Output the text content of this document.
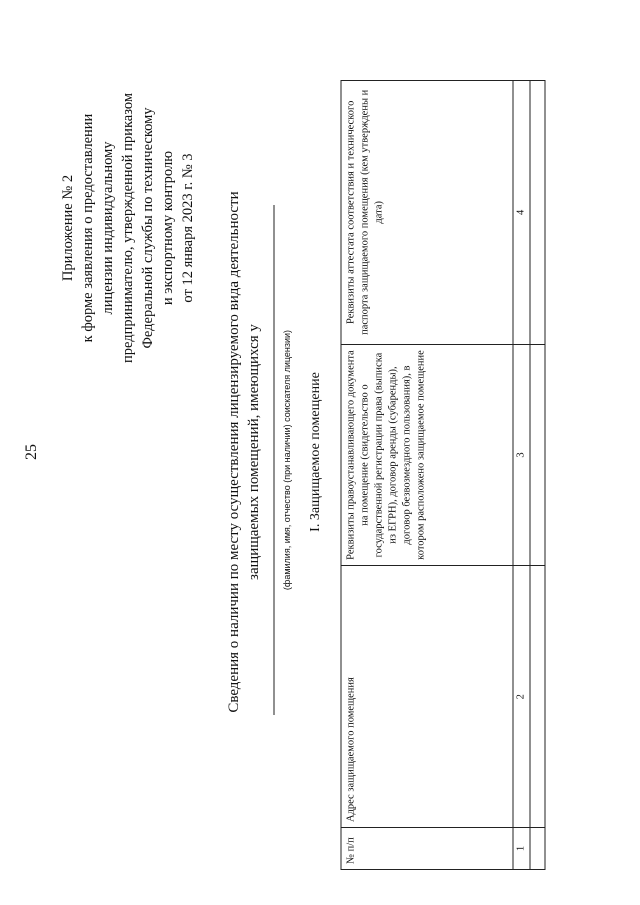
25
Приложение № 2 к форме заявления о предоставлении лицензии индивидуальному предпринимателю, утвержденной приказом Федеральной службы по техническому и экспортному контролю от 12 января 2023 г. № 3 Сведения о наличии по месту осуществления лицензируемого вида деятельности защищаемых помещений, имеющихся у (фамилия, имя, отчество (при наличии) соискателя лицензии) I. Защищаемое помещение
№ п/п	Адрес защищаемого помещения	Реквизиты правоустанавливающего документа на помещение (свидетельство о государственной регистрации права (выписка из ЕГРН), договор аренды (субаренды), договор безвозмездного пользования), в котором расположено защищаемое помещение	Реквизиты аттестата соответствия и технического паспорта защищаемого помещения (кем утверждены и дата)
1	2	3	4
